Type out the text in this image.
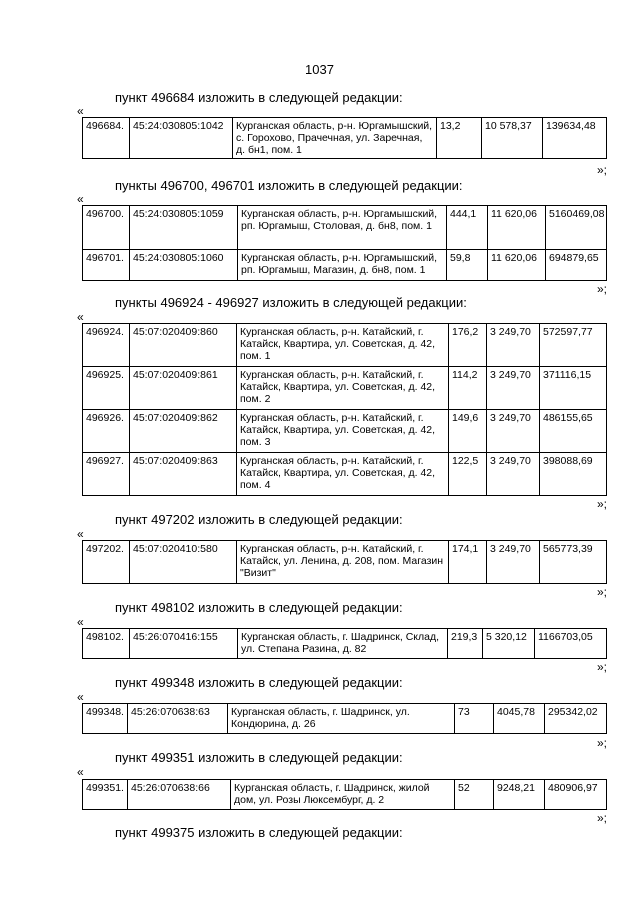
1037
пункт 496684 изложить в следующей редакции:
«
496684.	45:24:030805:1042	Курганская область, р-н. Юргамышский, с. Горохово, Прачечная, ул. Заречная, д. бн1, пом. 1	13,2	10 578,37	139634,48
»;
пункты 496700, 496701 изложить в следующей редакции:
«
496700.	45:24:030805:1059	Курганская область, р-н. Юргамышский, рп. Юргамыш, Столовая, д. бн8, пом. 1	444,1	11 620,06	5160469,08
496701.	45:24:030805:1060	Курганская область, р-н. Юргамышский, рп. Юргамыш, Магазин, д. бн8, пом. 1	59,8	11 620,06	694879,65
»;
пункты 496924 - 496927 изложить в следующей редакции:
«
496924.	45:07:020409:860	Курганская область, р-н. Катайский, г. Катайск, Квартира, ул. Советская, д. 42, пом. 1	176,2	3 249,70	572597,77
496925.	45:07:020409:861	Курганская область, р-н. Катайский, г. Катайск, Квартира, ул. Советская, д. 42, пом. 2	114,2	3 249,70	371116,15
496926.	45:07:020409:862	Курганская область, р-н. Катайский, г. Катайск, Квартира, ул. Советская, д. 42, пом. 3	149,6	3 249,70	486155,65
496927.	45:07:020409:863	Курганская область, р-н. Катайский, г. Катайск, Квартира, ул. Советская, д. 42, пом. 4	122,5	3 249,70	398088,69
»;
пункт 497202 изложить в следующей редакции:
«
497202.	45:07:020410:580	Курганская область, р-н. Катайский, г. Катайск, ул. Ленина, д. 208, пом. Магазин "Визит"	174,1	3 249,70	565773,39
»;
пункт 498102 изложить в следующей редакции:
«
498102.	45:26:070416:155	Курганская область, г. Шадринск, Склад, ул. Степана Разина, д. 82	219,3	5 320,12	1166703,05
»;
пункт 499348 изложить в следующей редакции:
«
499348.	45:26:070638:63	Курганская область, г. Шадринск, ул. Кондюрина, д. 26	73	4045,78	295342,02
»;
пункт 499351 изложить в следующей редакции:
«
499351.	45:26:070638:66	Курганская область, г. Шадринск, жилой дом, ул. Розы Люксембург, д. 2	52	9248,21	480906,97
»;
пункт 499375 изложить в следующей редакции:
